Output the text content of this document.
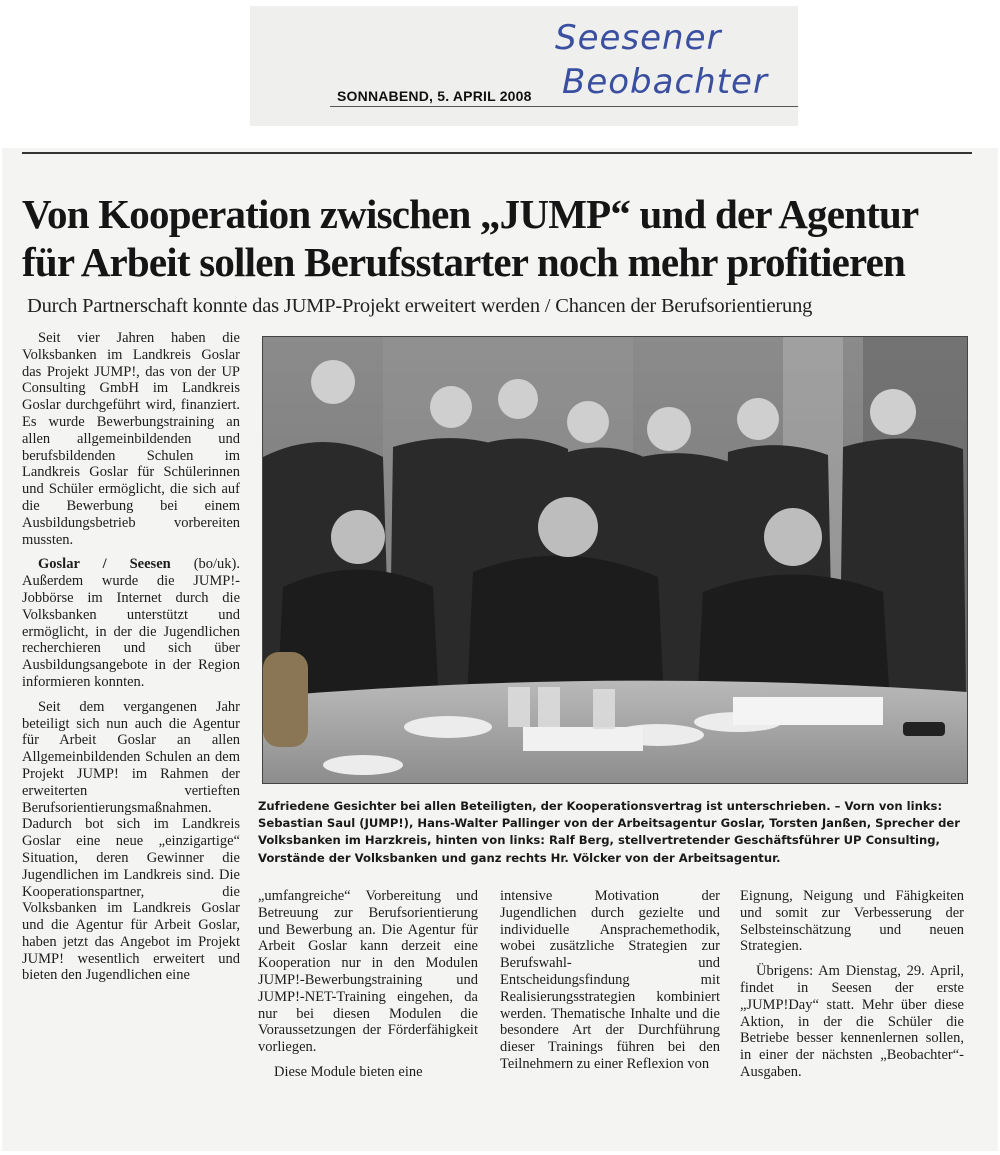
Seesener
Beobachter
SONNABEND, 5. APRIL 2008
Von Kooperation zwischen „JUMP“ und der Agentur
für Arbeit sollen Berufsstarter noch mehr profitieren

Durch Partnerschaft konnte das JUMP-Projekt erweitert werden / Chancen der Berufsorientierung

Seit vier Jahren haben die Volksbanken im Landkreis Goslar das Projekt JUMP!, das von der UP Consulting GmbH im Landkreis Goslar durchgeführt wird, finanziert. Es wurde Bewerbungstraining an allen allgemeinbildenden und berufsbildenden Schulen im Landkreis Goslar für Schülerinnen und Schüler ermöglicht, die sich auf die Bewerbung bei einem Ausbildungsbetrieb vorbereiten mussten.

Goslar / Seesen (bo/uk). Außerdem wurde die JUMP!-Jobbörse im Internet durch die Volksbanken unterstützt und ermöglicht, in der die Jugendlichen recherchieren und sich über Ausbildungsangebote in der Region informieren konnten.

Seit dem vergangenen Jahr beteiligt sich nun auch die Agentur für Arbeit Goslar an allen Allgemeinbildenden Schulen an dem Projekt JUMP! im Rahmen der erweiterten vertieften Berufsorientierungsmaßnahmen. Dadurch bot sich im Landkreis Goslar eine neue „einzigartige“ Situation, deren Gewinner die Jugendlichen im Landkreis sind. Die Kooperationspartner, die Volksbanken im Landkreis Goslar und die Agentur für Arbeit Goslar, haben jetzt das Angebot im Projekt JUMP! wesentlich erweitert und bieten den Jugendlichen eine

Zufriedene Gesichter bei allen Beteiligten, der Kooperationsvertrag ist unterschrieben. – Vorn von links: Sebastian Saul (JUMP!), Hans-Walter Pallinger von der Arbeitsagentur Goslar, Torsten Janßen, Sprecher der Volksbanken im Harzkreis, hinten von links: Ralf Berg, stellvertretender Geschäftsführer UP Consulting, Vorstände der Volksbanken und ganz rechts Hr. Völcker von der Arbeitsagentur.

„umfangreiche“ Vorbereitung und Betreuung zur Berufsorientierung und Bewerbung an. Die Agentur für Arbeit Goslar kann derzeit eine Kooperation nur in den Modulen JUMP!-Bewerbungstraining und JUMP!-NET-Training eingehen, da nur bei diesen Modulen die Voraussetzungen der Förderfähigkeit vorliegen.

Diese Module bieten eine

intensive Motivation der Jugendlichen durch gezielte und individuelle Ansprachemethodik, wobei zusätzliche Strategien zur Berufswahl- und Entscheidungsfindung mit Realisierungsstrategien kombiniert werden. Thematische Inhalte und die besondere Art der Durchführung dieser Trainings führen bei den Teilnehmern zu einer Reflexion von

Eignung, Neigung und Fähigkeiten und somit zur Verbesserung der Selbsteinschätzung und neuen Strategien.

Übrigens: Am Dienstag, 29. April, findet in Seesen der erste „JUMP!Day“ statt. Mehr über diese Aktion, in der die Schüler die Betriebe besser kennenlernen sollen, in einer der nächsten „Beobachter“-Ausgaben.
